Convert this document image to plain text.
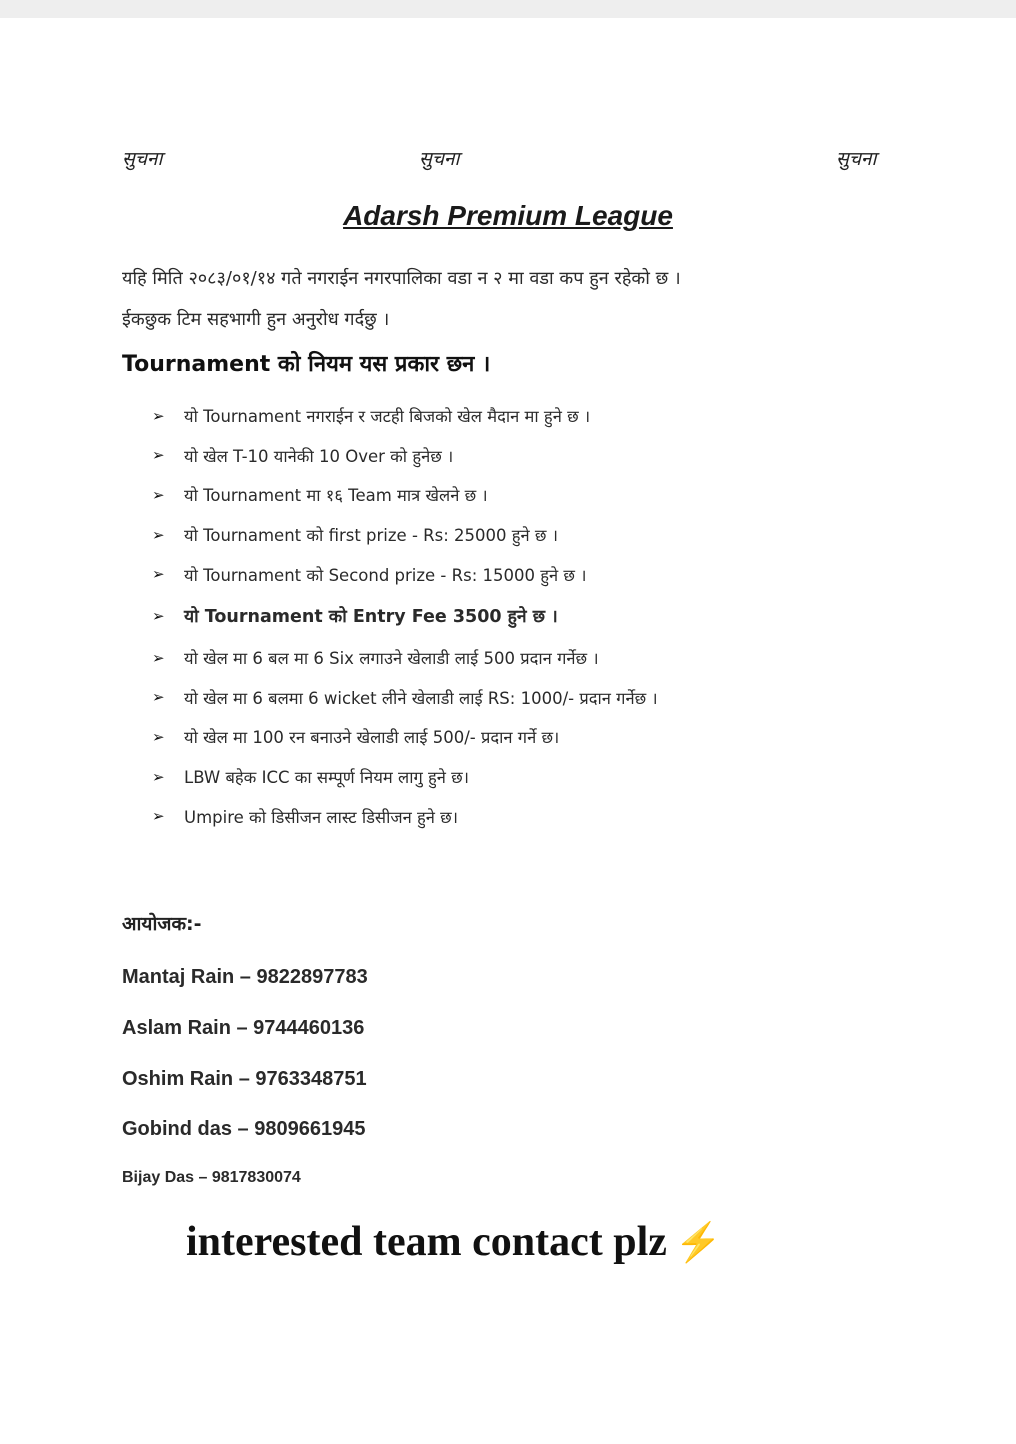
सुचना	सुचना	सुचना
Adarsh Premium League
यहि मिति २०८३/०१/१४ गते नगराईन नगरपालिका वडा न २ मा वडा कप हुन रहेको छ ।
ईकछुक टिम सहभागी हुन अनुरोध गर्दछु ।
Tournament को नियम यस प्रकार छन ।
➢	यो Tournament नगराईन र जटही बिजको खेल मैदान मा हुने छ ।
➢	यो खेल T-10 यानेकी 10 Over को हुनेछ ।
➢	यो Tournament मा १६ Team मात्र खेलने छ ।
➢	यो Tournament को first prize - Rs: 25000 हुने छ ।
➢	यो Tournament को Second prize - Rs: 15000 हुने छ ।
➢	यो Tournament को Entry Fee 3500 हुने छ ।
➢	यो खेल मा 6 बल मा 6 Six लगाउने खेलाडी लाई 500 प्रदान गर्नेछ ।
➢	यो खेल मा 6 बलमा 6 wicket लीने खेलाडी लाई RS: 1000/- प्रदान गर्नेछ ।
➢	यो खेल मा 100 रन बनाउने खेलाडी लाई 500/- प्रदान गर्ने छ।
➢	LBW बहेक ICC का सम्पूर्ण नियम लागु हुने छ।
➢	Umpire को डिसीजन लास्ट डिसीजन हुने छ।
आयोजक:-
Mantaj Rain – 9822897783
Aslam Rain – 9744460136
Oshim Rain – 9763348751
Gobind das – 9809661945
Bijay Das – 9817830074
interested team contact plz ⚡
